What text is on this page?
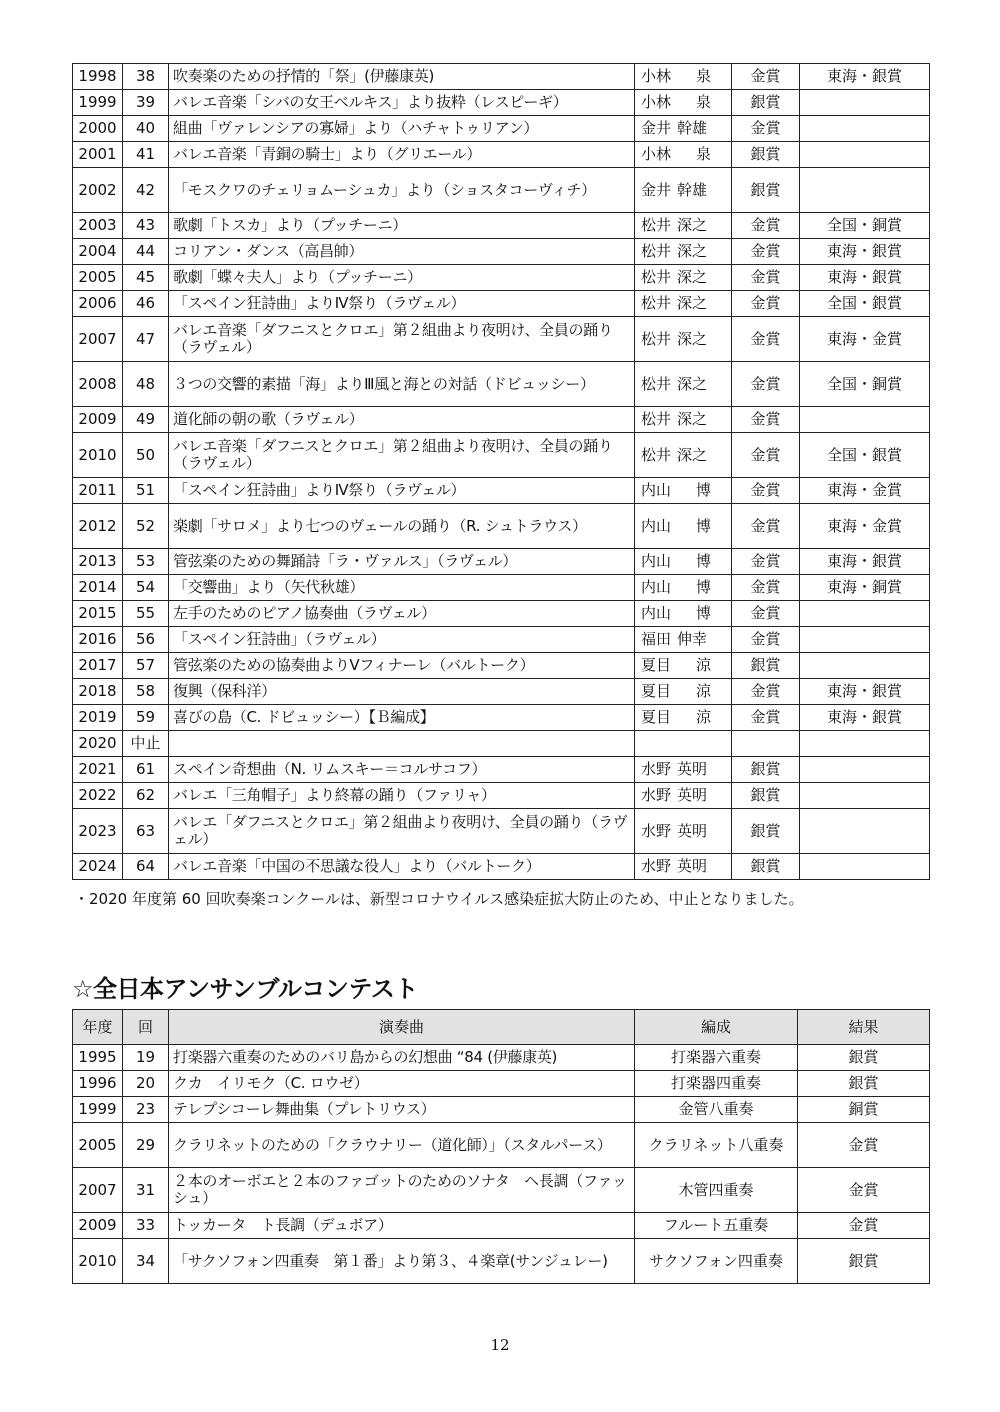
1998	38	吹奏楽のための抒情的「祭」(伊藤康英)	小林 泉	金賞	東海・銀賞
1999	39	バレエ音楽「シバの女王ベルキス」より抜粋（レスピーギ）	小林 泉	銀賞	
2000	40	組曲「ヴァレンシアの寡婦」より（ハチャトゥリアン）	金井 幹雄	金賞	
2001	41	バレエ音楽「青銅の騎士」より（グリエール）	小林 泉	銀賞	
2002	42	「モスクワのチェリョムーシュカ」より（ショスタコーヴィチ）	金井 幹雄	銀賞	
2003	43	歌劇「トスカ」より（プッチーニ）	松井 深之	金賞	全国・銅賞
2004	44	コリアン・ダンス（高昌帥）	松井 深之	金賞	東海・銀賞
2005	45	歌劇「蝶々夫人」より（プッチーニ）	松井 深之	金賞	東海・銀賞
2006	46	「スペイン狂詩曲」よりⅣ祭り（ラヴェル）	松井 深之	金賞	全国・銀賞
2007	47	バレエ音楽「ダフニスとクロエ」第２組曲より夜明け、全員の踊り（ラヴェル）	松井 深之	金賞	東海・金賞
2008	48	３つの交響的素描「海」よりⅢ風と海との対話（ドビュッシー）	松井 深之	金賞	全国・銅賞
2009	49	道化師の朝の歌（ラヴェル）	松井 深之	金賞	
2010	50	バレエ音楽「ダフニスとクロエ」第２組曲より夜明け、全員の踊り（ラヴェル）	松井 深之	金賞	全国・銀賞
2011	51	「スペイン狂詩曲」よりⅣ祭り（ラヴェル）	内山 博	金賞	東海・金賞
2012	52	楽劇「サロメ」より七つのヴェールの踊り（R. シュトラウス）	内山 博	金賞	東海・金賞
2013	53	管弦楽のための舞踊詩「ラ・ヴァルス」（ラヴェル）	内山 博	金賞	東海・銀賞
2014	54	「交響曲」より（矢代秋雄）	内山 博	金賞	東海・銅賞
2015	55	左手のためのピアノ協奏曲（ラヴェル）	内山 博	金賞	
2016	56	「スペイン狂詩曲」（ラヴェル）	福田 伸幸	金賞	
2017	57	管弦楽のための協奏曲よりⅤフィナーレ（バルトーク）	夏目 涼	銀賞	
2018	58	復興（保科洋）	夏目 涼	金賞	東海・銀賞
2019	59	喜びの島（C. ドビュッシー）【Ｂ編成】	夏目 涼	金賞	東海・銀賞
2020	中止				
2021	61	スペイン奇想曲（N. リムスキー＝コルサコフ）	水野 英明	銀賞	
2022	62	バレエ「三角帽子」より終幕の踊り（ファリャ）	水野 英明	銀賞	
2023	63	バレエ「ダフニスとクロエ」第２組曲より夜明け、全員の踊り（ラヴェル）	水野 英明	銀賞	
2024	64	バレエ音楽「中国の不思議な役人」より（バルトーク）	水野 英明	銀賞	

・2020 年度第 60 回吹奏楽コンクールは、新型コロナウイルス感染症拡大防止のため、中止となりました。

☆全日本アンサンブルコンテスト
年度	回	演奏曲	編成	結果
1995	19	打楽器六重奏のためのバリ島からの幻想曲 “84 (伊藤康英)	打楽器六重奏	銀賞
1996	20	クカ　イリモク（C. ロウゼ）	打楽器四重奏	銀賞
1999	23	テレプシコーレ舞曲集（プレトリウス）	金管八重奏	銅賞
2005	29	クラリネットのための「クラウナリー（道化師）」（スタルパース）	クラリネット八重奏	金賞
2007	31	２本のオーボエと２本のファゴットのためのソナタ　ヘ長調（ファッシュ）	木管四重奏	金賞
2009	33	トッカータ　ト長調（デュボア）	フルート五重奏	金賞
2010	34	「サクソフォン四重奏　第１番」より第３、４楽章(サンジュレー)	サクソフォン四重奏	銀賞
12
